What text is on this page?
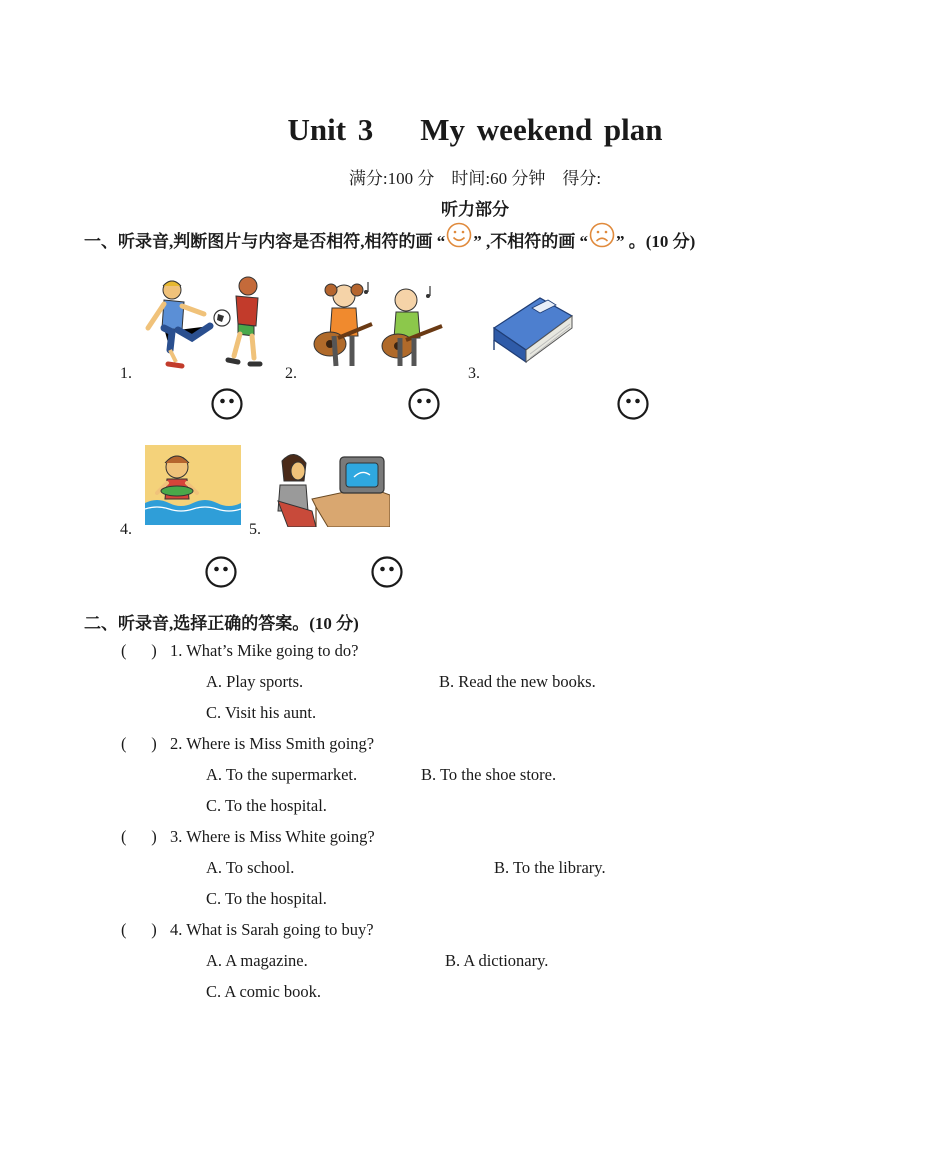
Unit 3    My weekend plan
满分:100 分    时间:60 分钟    得分:
听力部分
一、听录音,判断图片与内容是否相符,相符的画 “ ” ,不相符的画 “ ” 。(10 分)
1.	2.	3.
4.	5.
二、听录音,选择正确的答案。(10 分)
(      ) 1. What’s Mike going to do?
A. Play sports.	B. Read the new books.
C. Visit his aunt.
(      ) 2. Where is Miss Smith going?
A. To the supermarket.	B. To the shoe store.
C. To the hospital.
(      ) 3. Where is Miss White going?
A. To school.	B. To the library.
C. To the hospital.
(      ) 4. What is Sarah going to buy?
A. A magazine.	B. A dictionary.
C. A comic book.
